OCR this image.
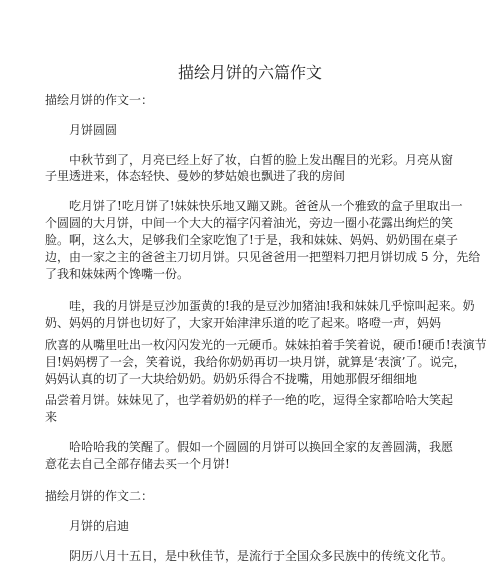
描绘月饼的六篇作文
描绘月饼的作文一：
　　月饼圆圆
　　中秋节到了，月亮已经上好了妆，白皙的脸上发出醒目的光彩。月亮从窗
子里透进来，体态轻快、曼妙的梦姑娘也飘进了我的房间
　　吃月饼了!吃月饼了!妹妹快乐地又蹦又跳。爸爸从一个雅致的盒子里取出一
个圆圆的大月饼，中间一个大大的福字闪着油光，旁边一圈小花露出绚烂的笑
脸。啊，这么大，足够我们全家吃饱了!于是，我和妹妹、妈妈、奶奶围在桌子
边，由一家之主的爸爸主刀切月饼。只见爸爸用一把塑料刀把月饼切成 5 分，先给
了我和妹妹两个馋嘴一份。
　　哇，我的月饼是豆沙加蛋黄的!我的是豆沙加猪油!我和妹妹几乎惊叫起来。奶
奶、妈妈的月饼也切好了，大家开始津津乐道的吃了起来。咯噔一声，妈妈
欣喜的从嘴里吐出一枚闪闪发光的一元硬币。妹妹拍着手笑着说，硬币!硬币!表演节
目!妈妈楞了一会，笑着说，我给你奶奶再切一块月饼，就算是‘表演’了。说完，
妈妈认真的切了一大块给奶奶。奶奶乐得合不拢嘴，用她那假牙细细地
品尝着月饼。妹妹见了，也学着奶奶的样子一绝的吃，逗得全家都哈哈大笑起
来
　　哈哈哈我的笑醒了。假如一个圆圆的月饼可以换回全家的友善圆满，我愿
意花去自己全部存储去买一个月饼!
描绘月饼的作文二：
　　月饼的启迪
　　阴历八月十五日，是中秋佳节，是流行于全国众多民族中的传统文化节。
